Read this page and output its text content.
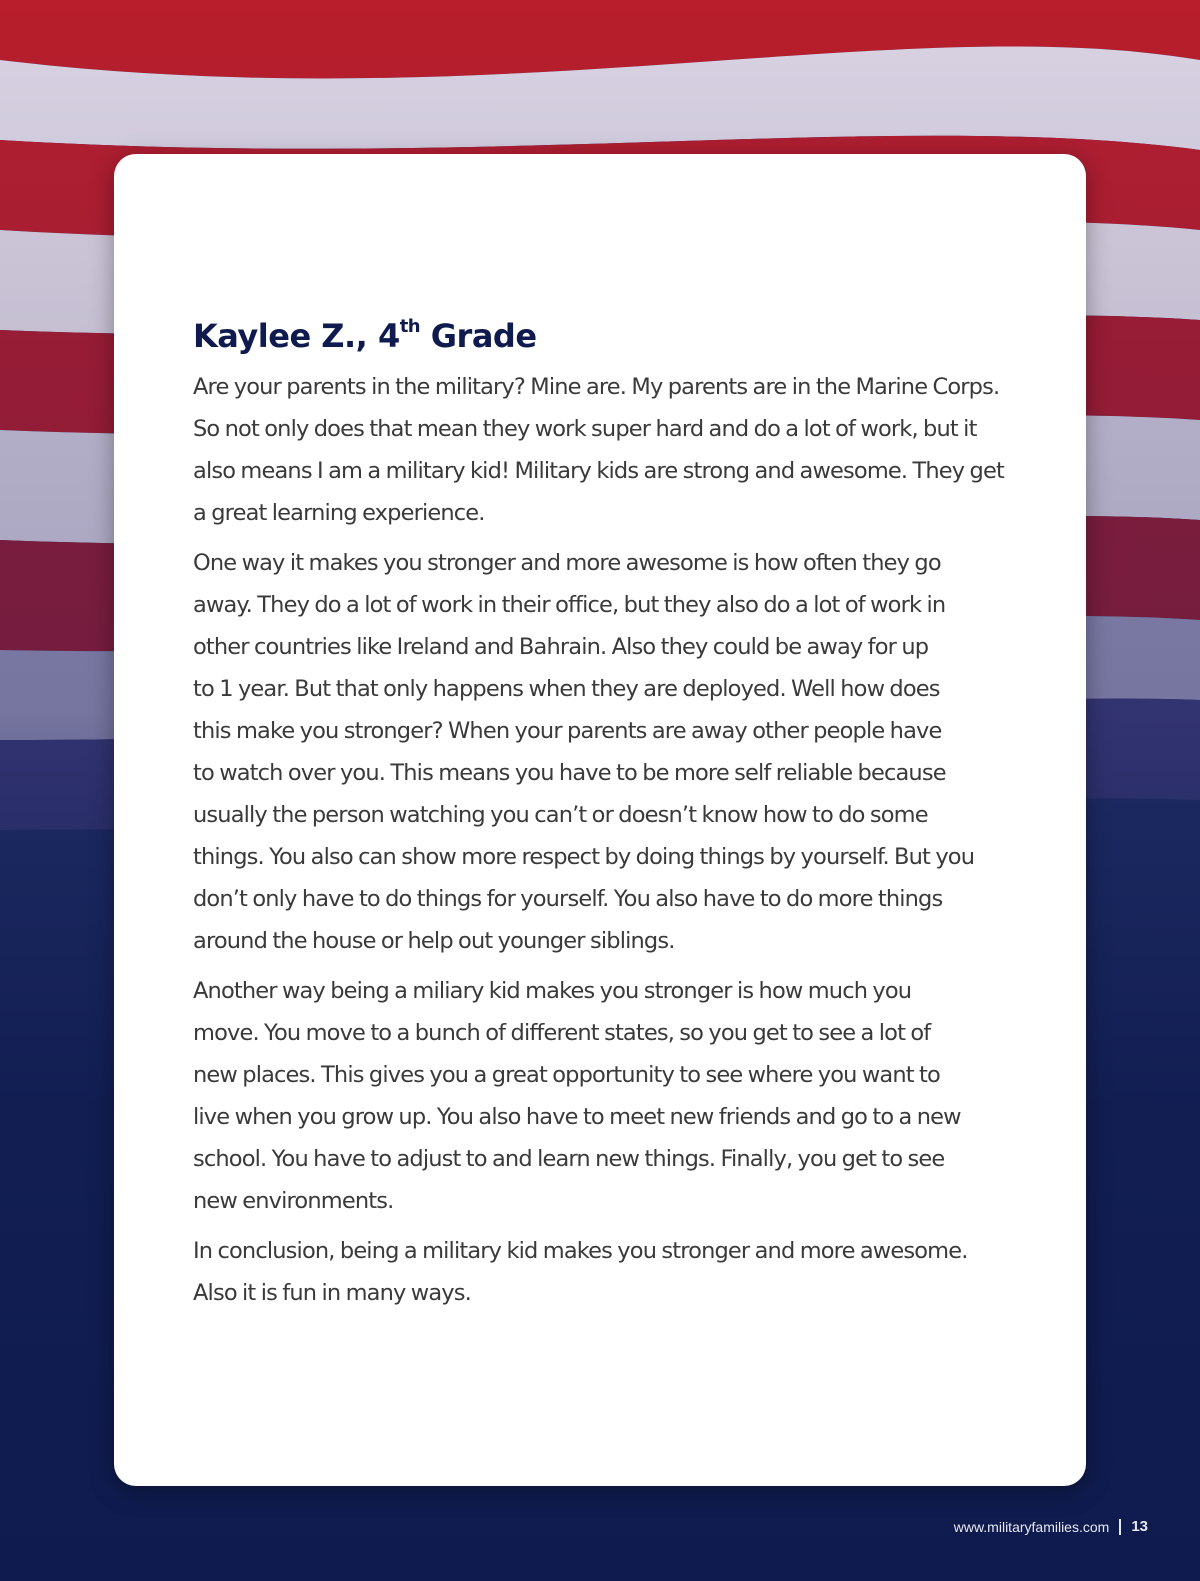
Kaylee Z., 4th Grade

Are your parents in the military? Mine are. My parents are in the Marine Corps.
So not only does that mean they work super hard and do a lot of work, but it
also means I am a military kid! Military kids are strong and awesome. They get
a great learning experience.

One way it makes you stronger and more awesome is how often they go
away. They do a lot of work in their office, but they also do a lot of work in
other countries like Ireland and Bahrain. Also they could be away for up
to 1 year. But that only happens when they are deployed. Well how does
this make you stronger? When your parents are away other people have
to watch over you. This means you have to be more self reliable because
usually the person watching you can’t or doesn’t know how to do some
things. You also can show more respect by doing things by yourself. But you
don’t only have to do things for yourself. You also have to do more things
around the house or help out younger siblings.

Another way being a miliary kid makes you stronger is how much you
move. You move to a bunch of different states, so you get to see a lot of
new places. This gives you a great opportunity to see where you want to
live when you grow up. You also have to meet new friends and go to a new
school. You have to adjust to and learn new things. Finally, you get to see
new environments.

In conclusion, being a military kid makes you stronger and more awesome.
Also it is fun in many ways.

www.militaryfamilies.com 13
